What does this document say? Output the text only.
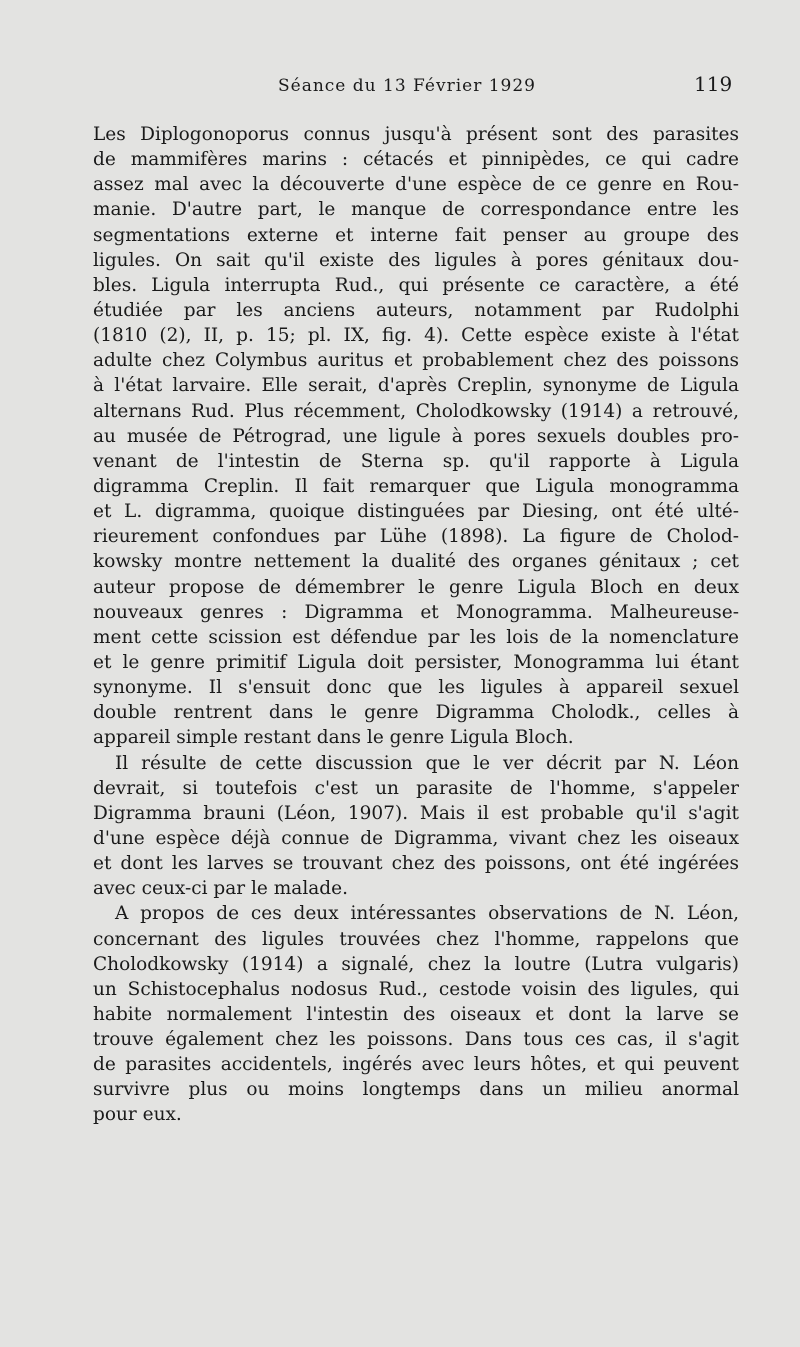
Séance du 13 Février 1929	119
Les Diplogonoporus connus jusqu'à présent sont des parasites
de mammifères marins : cétacés et pinnipèdes, ce qui cadre
assez mal avec la découverte d'une espèce de ce genre en Rou-
manie. D'autre part, le manque de correspondance entre les
segmentations externe et interne fait penser au groupe des
ligules. On sait qu'il existe des ligules à pores génitaux dou-
bles. Ligula interrupta Rud., qui présente ce caractère, a été
étudiée par les anciens auteurs, notamment par Rudolphi
(1810 (2), II, p. 15; pl. IX, fig. 4). Cette espèce existe à l'état
adulte chez Colymbus auritus et probablement chez des poissons
à l'état larvaire. Elle serait, d'après Creplin, synonyme de Ligula
alternans Rud. Plus récemment, Cholodkowsky (1914) a retrouvé,
au musée de Pétrograd, une ligule à pores sexuels doubles pro-
venant de l'intestin de Sterna sp. qu'il rapporte à Ligula
digramma Creplin. Il fait remarquer que Ligula monogramma
et L. digramma, quoique distinguées par Diesing, ont été ulté-
rieurement confondues par Lühe (1898). La figure de Cholod-
kowsky montre nettement la dualité des organes génitaux ; cet
auteur propose de démembrer le genre Ligula Bloch en deux
nouveaux genres : Digramma et Monogramma. Malheureuse-
ment cette scission est défendue par les lois de la nomenclature
et le genre primitif Ligula doit persister, Monogramma lui étant
synonyme. Il s'ensuit donc que les ligules à appareil sexuel
double rentrent dans le genre Digramma Cholodk., celles à
appareil simple restant dans le genre Ligula Bloch.
Il résulte de cette discussion que le ver décrit par N. Léon
devrait, si toutefois c'est un parasite de l'homme, s'appeler
Digramma brauni (Léon, 1907). Mais il est probable qu'il s'agit
d'une espèce déjà connue de Digramma, vivant chez les oiseaux
et dont les larves se trouvant chez des poissons, ont été ingérées
avec ceux-ci par le malade.
A propos de ces deux intéressantes observations de N. Léon,
concernant des ligules trouvées chez l'homme, rappelons que
Cholodkowsky (1914) a signalé, chez la loutre (Lutra vulgaris)
un Schistocephalus nodosus Rud., cestode voisin des ligules, qui
habite normalement l'intestin des oiseaux et dont la larve se
trouve également chez les poissons. Dans tous ces cas, il s'agit
de parasites accidentels, ingérés avec leurs hôtes, et qui peuvent
survivre plus ou moins longtemps dans un milieu anormal
pour eux.
